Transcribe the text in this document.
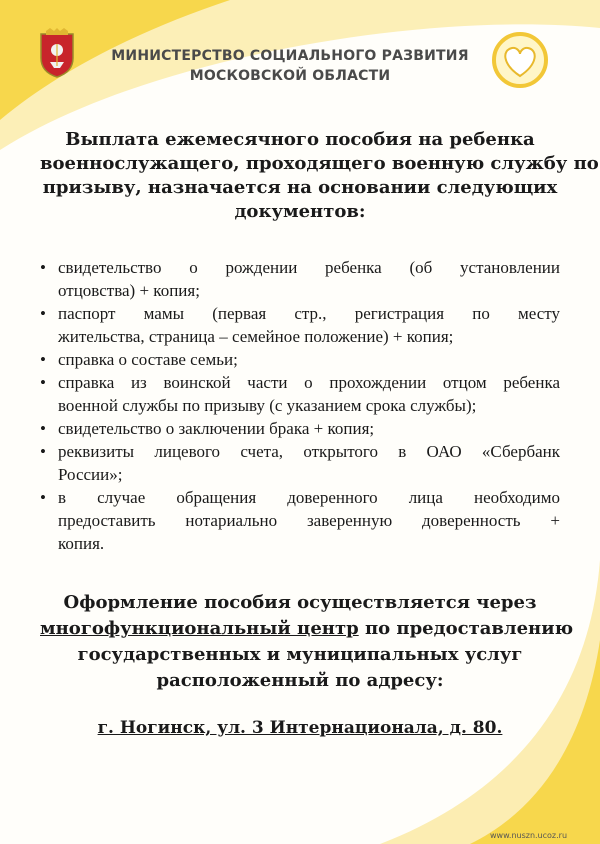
МИНИСТЕРСТВО СОЦИАЛЬНОГО РАЗВИТИЯ
МОСКОВСКОЙ ОБЛАСТИ
Выплата ежемесячного пособия на ребенка
военнослужащего, проходящего военную службу по
призыву, назначается на основании следующих
документов:
• свидетельство о рождении ребенка (об установлении
отцовства) + копия;
• паспорт мамы (первая стр., регистрация по месту
жительства, страница – семейное положение) + копия;
• справка о составе семьи;
• справка из воинской части о прохождении отцом ребенка
военной службы по призыву (с указанием срока службы);
• свидетельство о заключении брака + копия;
• реквизиты лицевого счета, открытого в ОАО «Сбербанк
России»;
• в случае обращения доверенного лица необходимо
предоставить нотариально заверенную доверенность +
копия.
Оформление пособия осуществляется через
многофункциональный центр по предоставлению
государственных и муниципальных услуг
расположенный по адресу:
г. Ногинск, ул. 3 Интернационала, д. 80.
www.nuszn.ucoz.ru
